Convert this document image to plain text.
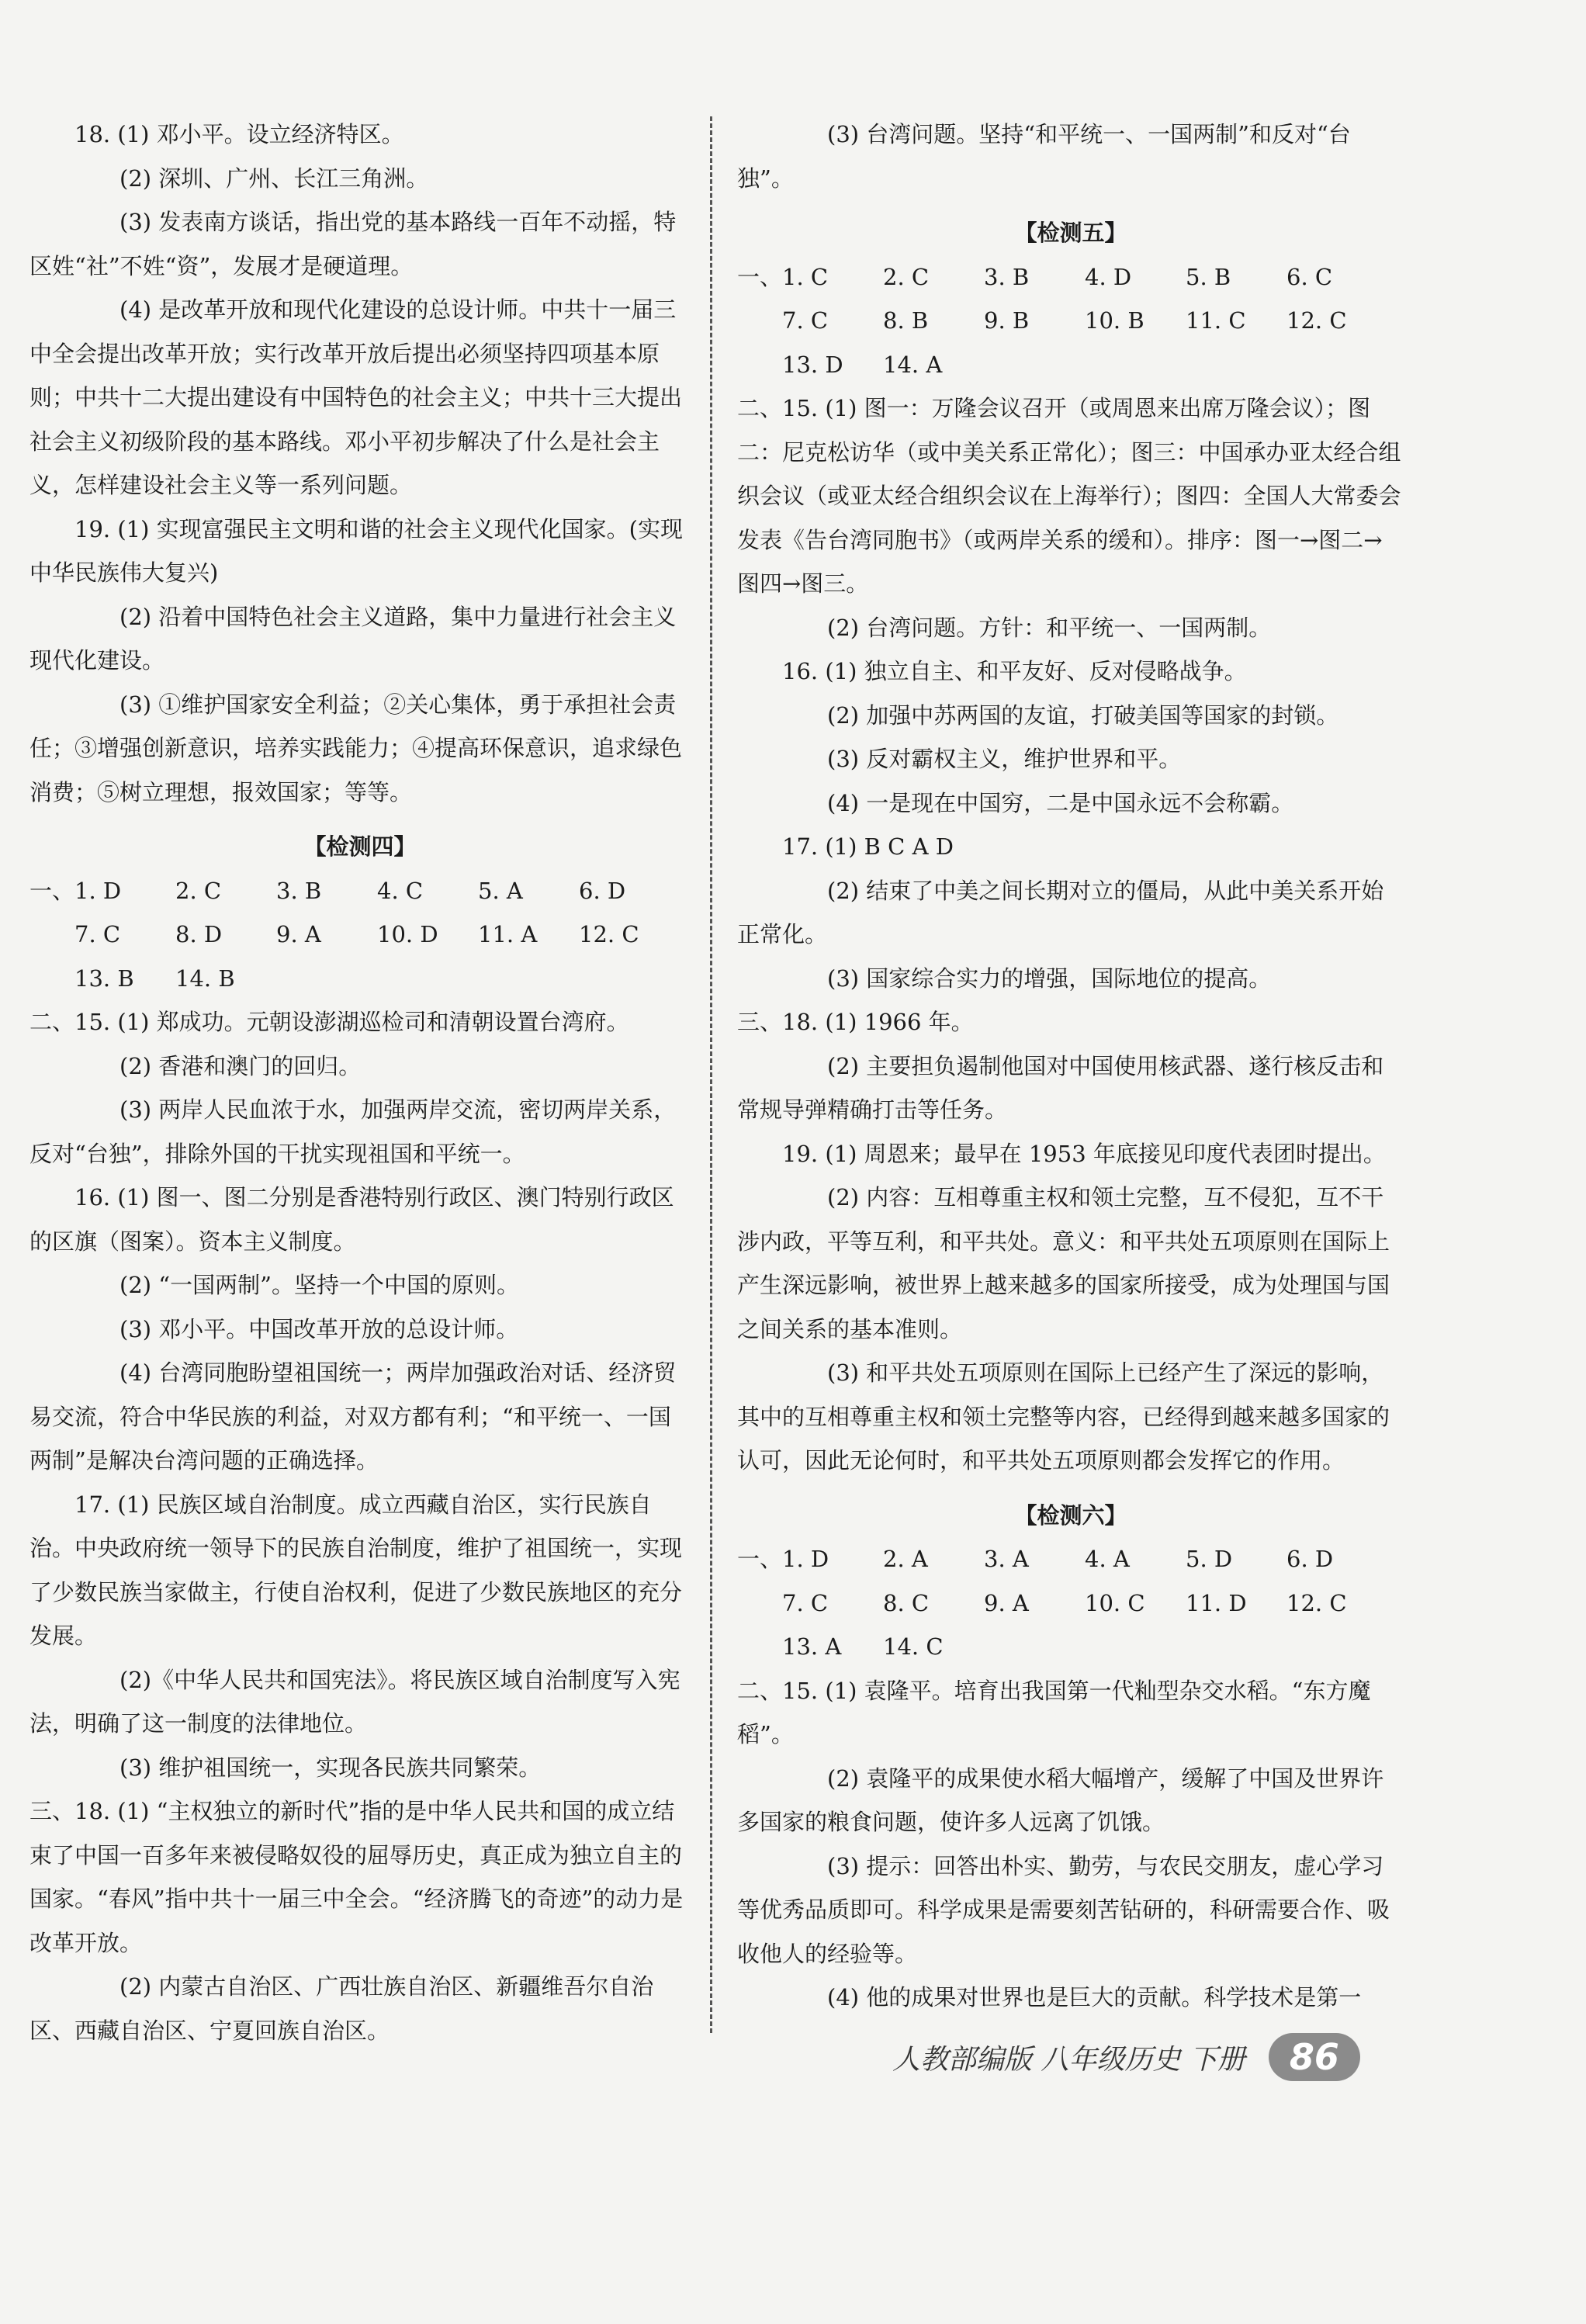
18. (1) 邓小平。设立经济特区。

(2) 深圳、广州、长江三角洲。

(3) 发表南方谈话，指出党的基本路线一百年不动摇，特区姓“社”不姓“资”，发展才是硬道理。

(4) 是改革开放和现代化建设的总设计师。中共十一届三中全会提出改革开放；实行改革开放后提出必须坚持四项基本原则；中共十二大提出建设有中国特色的社会主义；中共十三大提出社会主义初级阶段的基本路线。邓小平初步解决了什么是社会主义，怎样建设社会主义等一系列问题。

19. (1) 实现富强民主文明和谐的社会主义现代化国家。(实现中华民族伟大复兴)

(2) 沿着中国特色社会主义道路，集中力量进行社会主义现代化建设。

(3) ①维护国家安全利益；②关心集体，勇于承担社会责任；③增强创新意识，培养实践能力；④提高环保意识，追求绿色消费；⑤树立理想，报效国家；等等。

【检测四】

一、 1. D	2. C	3. B	4. C	5. A	6. D
7. C	8. D	9. A	10. D	11. A	12. C
13. B	14. B

二、15. (1) 郑成功。元朝设澎湖巡检司和清朝设置台湾府。

(2) 香港和澳门的回归。

(3) 两岸人民血浓于水，加强两岸交流，密切两岸关系，反对“台独”，排除外国的干扰实现祖国和平统一。

16. (1) 图一、图二分别是香港特别行政区、澳门特别行政区的区旗（图案）。资本主义制度。

(2) “一国两制”。坚持一个中国的原则。

(3) 邓小平。中国改革开放的总设计师。

(4) 台湾同胞盼望祖国统一；两岸加强政治对话、经济贸易交流，符合中华民族的利益，对双方都有利；“和平统一、一国两制”是解决台湾问题的正确选择。

17. (1) 民族区域自治制度。成立西藏自治区，实行民族自治。中央政府统一领导下的民族自治制度，维护了祖国统一，实现了少数民族当家做主，行使自治权利，促进了少数民族地区的充分发展。

(2)《中华人民共和国宪法》。将民族区域自治制度写入宪法，明确了这一制度的法律地位。

(3) 维护祖国统一，实现各民族共同繁荣。

三、18. (1) “主权独立的新时代”指的是中华人民共和国的成立结束了中国一百多年来被侵略奴役的屈辱历史，真正成为独立自主的国家。“春风”指中共十一届三中全会。“经济腾飞的奇迹”的动力是改革开放。

(2) 内蒙古自治区、广西壮族自治区、新疆维吾尔自治区、西藏自治区、宁夏回族自治区。

(3) 台湾问题。坚持“和平统一、一国两制”和反对“台独”。

【检测五】

一、 1. C	2. C	3. B	4. D	5. B	6. C
7. C	8. B	9. B	10. B	11. C	12. C
13. D	14. A

二、15. (1) 图一：万隆会议召开（或周恩来出席万隆会议）；图二：尼克松访华（或中美关系正常化）；图三：中国承办亚太经合组织会议（或亚太经合组织会议在上海举行）；图四：全国人大常委会发表《告台湾同胞书》（或两岸关系的缓和）。排序：图一→图二→图四→图三。

(2) 台湾问题。方针：和平统一、一国两制。

16. (1) 独立自主、和平友好、反对侵略战争。

(2) 加强中苏两国的友谊，打破美国等国家的封锁。

(3) 反对霸权主义，维护世界和平。

(4) 一是现在中国穷，二是中国永远不会称霸。

17. (1) B C A D

(2) 结束了中美之间长期对立的僵局，从此中美关系开始正常化。

(3) 国家综合实力的增强，国际地位的提高。

三、18. (1) 1966 年。

(2) 主要担负遏制他国对中国使用核武器、遂行核反击和常规导弹精确打击等任务。

19. (1) 周恩来；最早在 1953 年底接见印度代表团时提出。

(2) 内容：互相尊重主权和领土完整，互不侵犯，互不干涉内政，平等互利，和平共处。意义：和平共处五项原则在国际上产生深远影响，被世界上越来越多的国家所接受，成为处理国与国之间关系的基本准则。

(3) 和平共处五项原则在国际上已经产生了深远的影响，其中的互相尊重主权和领土完整等内容，已经得到越来越多国家的认可，因此无论何时，和平共处五项原则都会发挥它的作用。

【检测六】

一、 1. D	2. A	3. A	4. A	5. D	6. D
7. C	8. C	9. A	10. C	11. D	12. C
13. A	14. C

二、15. (1) 袁隆平。培育出我国第一代籼型杂交水稻。“东方魔稻”。

(2) 袁隆平的成果使水稻大幅增产，缓解了中国及世界许多国家的粮食问题，使许多人远离了饥饿。

(3) 提示：回答出朴实、勤劳，与农民交朋友，虚心学习等优秀品质即可。科学成果是需要刻苦钻研的，科研需要合作、吸收他人的经验等。

(4) 他的成果对世界也是巨大的贡献。科学技术是第一

人教部编版 八年级历史 下册	86
